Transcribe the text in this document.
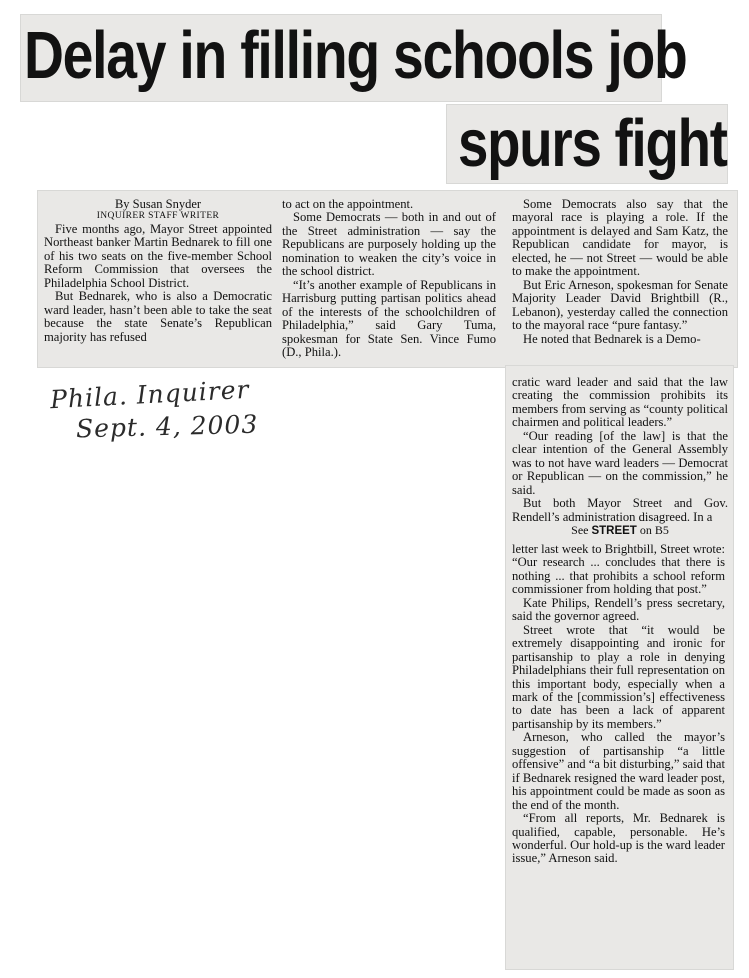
Delay in filling schools job
spurs fight
By Susan Snyder
INQUIRER STAFF WRITER

Five months ago, Mayor Street appointed Northeast banker Martin Bednarek to fill one of his two seats on the five-member School Reform Commission that oversees the Philadelphia School District.

But Bednarek, who is also a Democratic ward leader, hasn’t been able to take the seat because the state Senate’s Republican majority has refused

to act on the appointment.

Some Democrats — both in and out of the Street administration — say the Republicans are purposely holding up the nomination to weaken the city’s voice in the school district.

“It’s another example of Republicans in Harrisburg putting partisan politics ahead of the interests of the schoolchildren of Philadelphia,” said Gary Tuma, spokesman for State Sen. Vince Fumo (D., Phila.).

Some Democrats also say that the mayoral race is playing a role. If the appointment is delayed and Sam Katz, the Republican candidate for mayor, is elected, he — not Street — would be able to make the appointment.

But Eric Arneson, spokesman for Senate Majority Leader David Brightbill (R., Lebanon), yesterday called the connection to the mayoral race “pure fantasy.”

He noted that Bednarek is a Demo-

cratic ward leader and said that the law creating the commission prohibits its members from serving as “county political chairmen and political leaders.”

“Our reading [of the law] is that the clear intention of the General Assembly was to not have ward leaders — Democrat or Republican — on the commission,” he said.

But both Mayor Street and Gov. Rendell’s administration disagreed. In a

See STREET on B5

letter last week to Brightbill, Street wrote: “Our research ... concludes that there is nothing ... that prohibits a school reform commissioner from holding that post.”

Kate Philips, Rendell’s press secretary, said the governor agreed.

Street wrote that “it would be extremely disappointing and ironic for partisanship to play a role in denying Philadelphians their full representation on this important body, especially when a mark of the [commission’s] effectiveness to date has been a lack of apparent partisanship by its members.”

Arneson, who called the mayor’s suggestion of partisanship “a little offensive” and “a bit disturbing,” said that if Bednarek resigned the ward leader post, his appointment could be made as soon as the end of the month.

“From all reports, Mr. Bednarek is qualified, capable, personable. He’s wonderful. Our hold-up is the ward leader issue,” Arneson said.

Phila. Inquirer
Sept. 4, 2003
